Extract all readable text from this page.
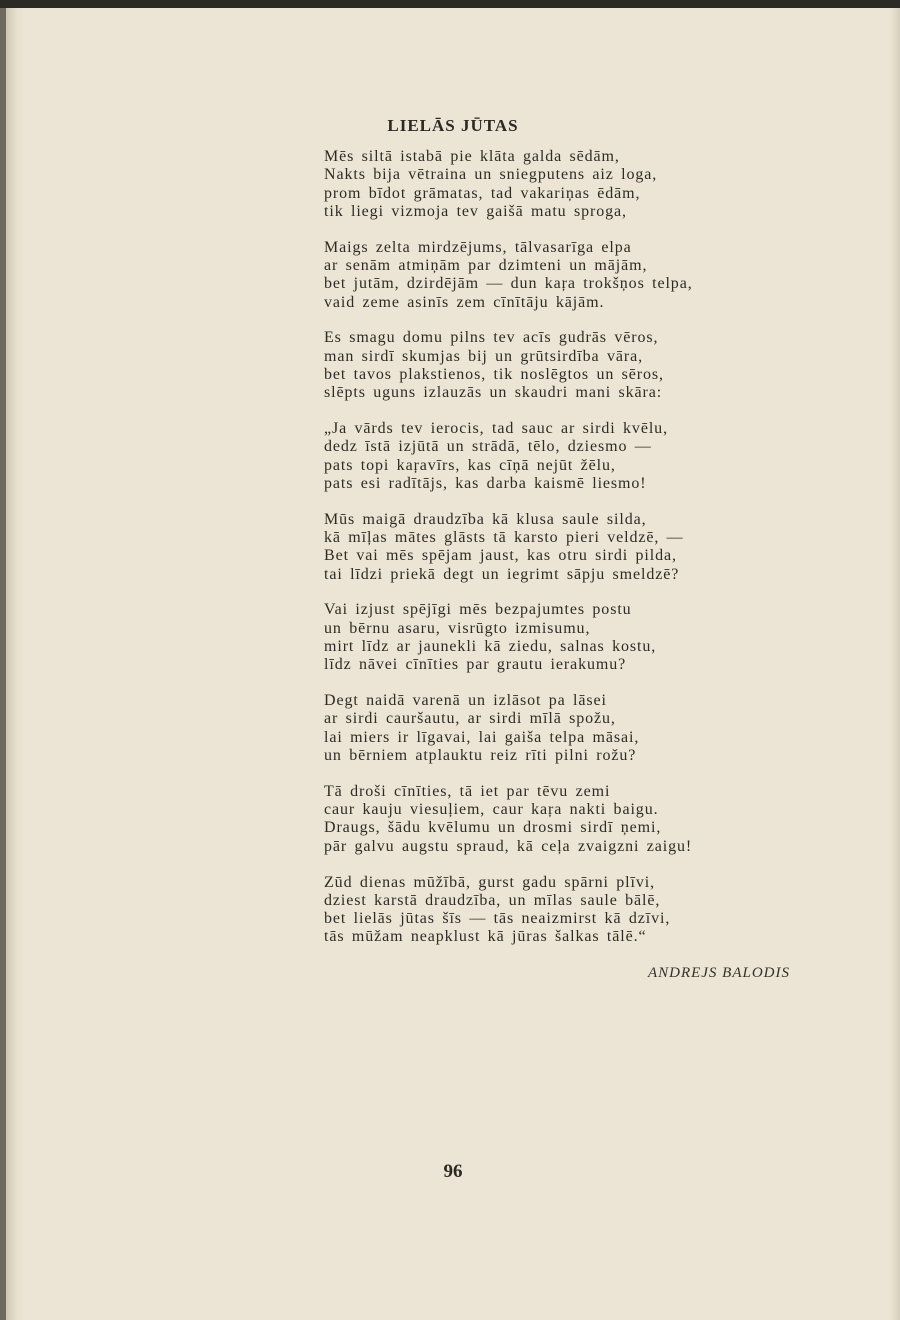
LIELĀS JŪTAS
Mēs siltā istabā pie klāta galda sēdām,
Nakts bija vētraina un sniegputens aiz loga,
prom bīdot grāmatas, tad vakariņas ēdām,
tik liegi vizmoja tev gaišā matu sproga,
Maigs zelta mirdzējums, tālvasarīga elpa
ar senām atmiņām par dzimteni un mājām,
bet jutām, dzirdējām — dun kaŗa trokšņos telpa,
vaid zeme asinīs zem cīnītāju kājām.
Es smagu domu pilns tev acīs gudrās vēros,
man sirdī skumjas bij un grūtsirdība vāra,
bet tavos plakstienos, tik noslēgtos un sēros,
slēpts uguns izlauzās un skaudri mani skāra:
„Ja vārds tev ierocis, tad sauc ar sirdi kvēlu,
dedz īstā izjūtā un strādā, tēlo, dziesmo —
pats topi kaŗavīrs, kas cīņā nejūt žēlu,
pats esi radītājs, kas darba kaismē liesmo!
Mūs maigā draudzība kā klusa saule silda,
kā mīļas mātes glāsts tā karsto pieri veldzē, —
Bet vai mēs spējam jaust, kas otru sirdi pilda,
tai līdzi priekā degt un iegrimt sāpju smeldzē?
Vai izjust spējīgi mēs bezpajumtes postu
un bērnu asaru, visrūgto izmisumu,
mirt līdz ar jaunekli kā ziedu, salnas kostu,
līdz nāvei cīnīties par grautu ierakumu?
Degt naidā varenā un izlāsot pa lāsei
ar sirdi cauršautu, ar sirdi mīlā spožu,
lai miers ir līgavai, lai gaiša telpa māsai,
un bērniem atplauktu reiz rīti pilni rožu?
Tā droši cīnīties, tā iet par tēvu zemi
caur kauju viesuļiem, caur kaŗa nakti baigu.
Draugs, šādu kvēlumu un drosmi sirdī ņemi,
pār galvu augstu spraud, kā ceļa zvaigzni zaigu!
Zūd dienas mūžībā, gurst gadu spārni plīvi,
dziest karstā draudzība, un mīlas saule bālē,
bet lielās jūtas šīs — tās neaizmirst kā dzīvi,
tās mūžam neapklust kā jūras šalkas tālē.“
ANDREJS BALODIS
96
